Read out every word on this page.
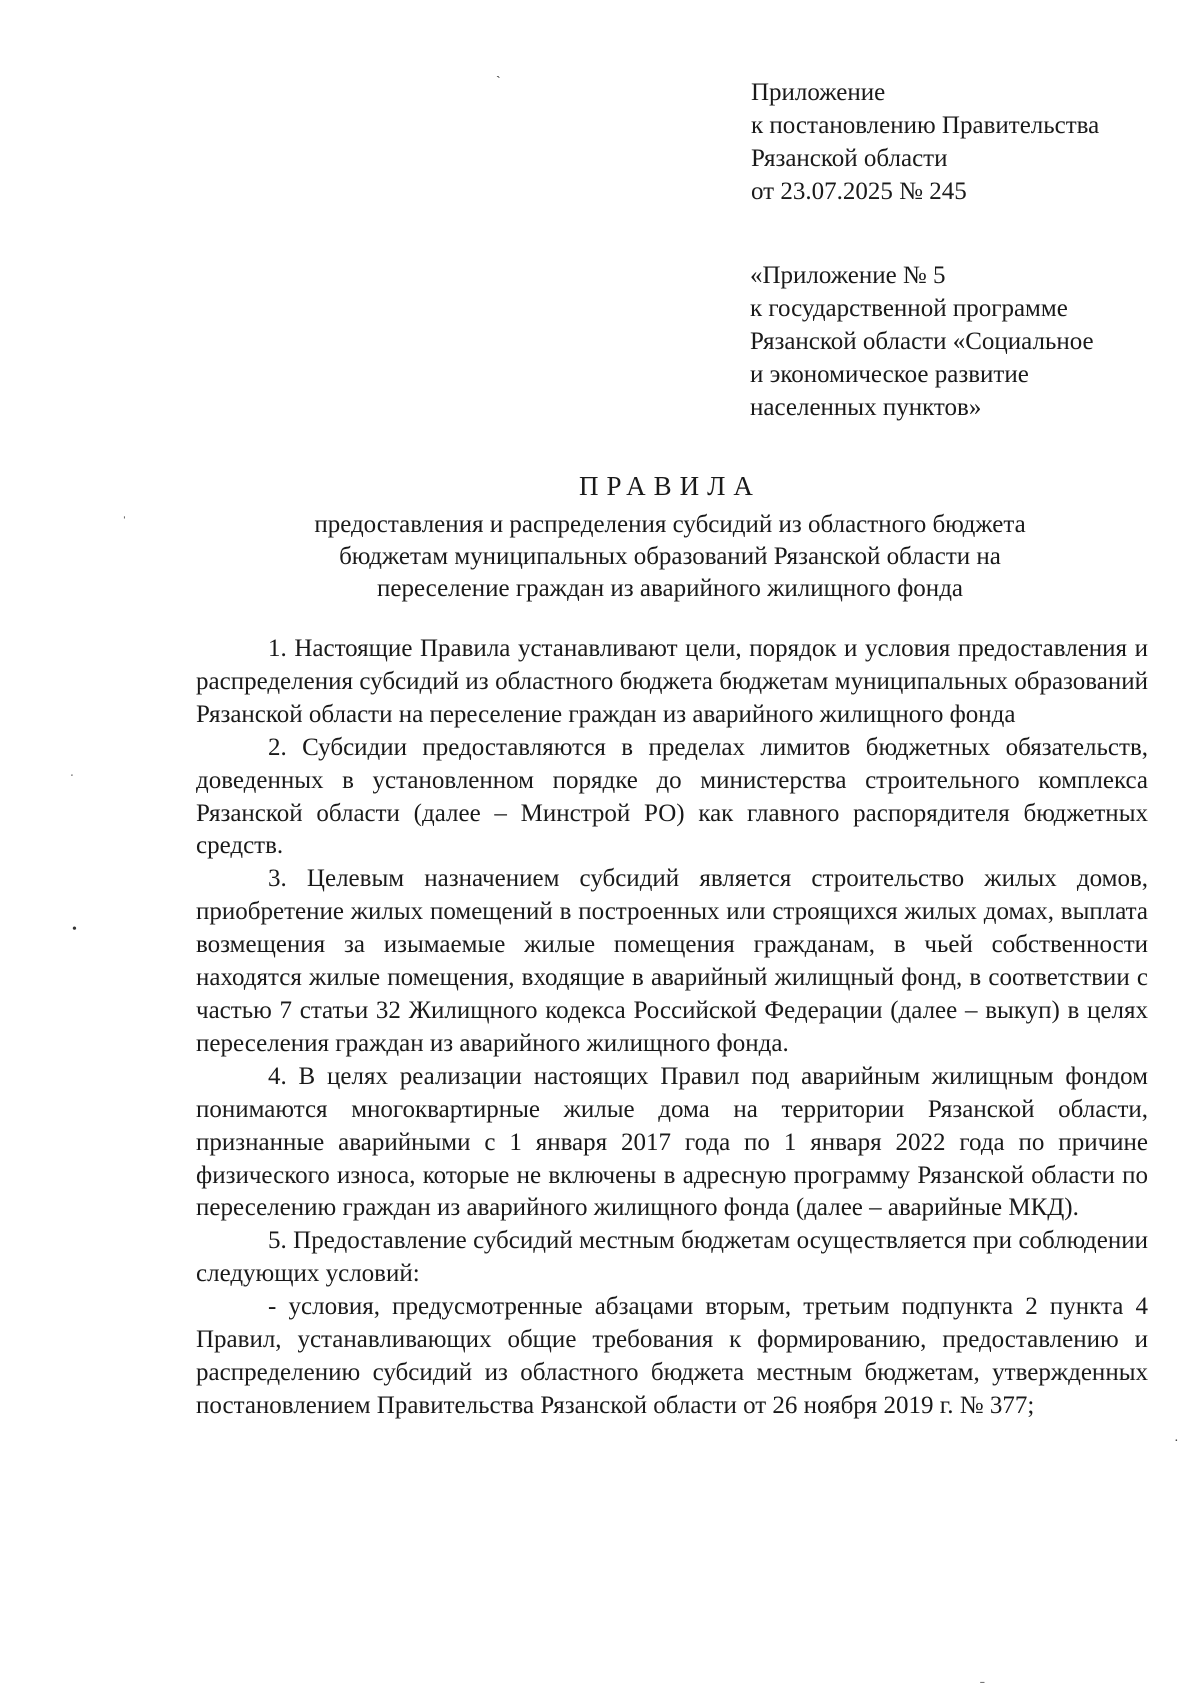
Приложение
к постановлению Правительства
Рязанской области
от 23.07.2025 № 245
«Приложение № 5
к государственной программе
Рязанской области «Социальное
и экономическое развитие
населенных пунктов»
ПРАВИЛА
предоставления и распределения субсидий из областного бюджета
бюджетам муниципальных образований Рязанской области на
переселение граждан из аварийного жилищного фонда

1. Настоящие Правила устанавливают цели, порядок и условия предоставления и распределения субсидий из областного бюджета бюджетам муниципальных образований Рязанской области на переселение граждан из аварийного жилищного фонда

2. Субсидии предоставляются в пределах лимитов бюджетных обязательств, доведенных в установленном порядке до министерства строительного комплекса Рязанской области (далее – Минстрой РО) как главного распорядителя бюджетных средств.

3. Целевым назначением субсидий является строительство жилых домов, приобретение жилых помещений в построенных или строящихся жилых домах, выплата возмещения за изымаемые жилые помещения гражданам, в чьей собственности находятся жилые помещения, входящие в аварийный жилищный фонд, в соответствии с частью 7 статьи 32 Жилищного кодекса Российской Федерации (далее – выкуп) в целях переселения граждан из аварийного жилищного фонда.

4. В целях реализации настоящих Правил под аварийным жилищным фондом понимаются многоквартирные жилые дома на территории Рязанской области, признанные аварийными с 1 января 2017 года по 1 января 2022 года по причине физического износа, которые не включены в адресную программу Рязанской области по переселению граждан из аварийного жилищного фонда (далее – аварийные МКД).

5. Предоставление субсидий местным бюджетам осуществляется при соблюдении следующих условий:

- условия, предусмотренные абзацами вторым, третьим подпункта 2 пункта 4 Правил, устанавливающих общие требования к формированию, предоставлению и распределению субсидий из областного бюджета местным бюджетам, утвержденных постановлением Правительства Рязанской области от 26 ноября 2019 г. № 377;

ˏ
ˈ
ˑ
•
·
ˍ
